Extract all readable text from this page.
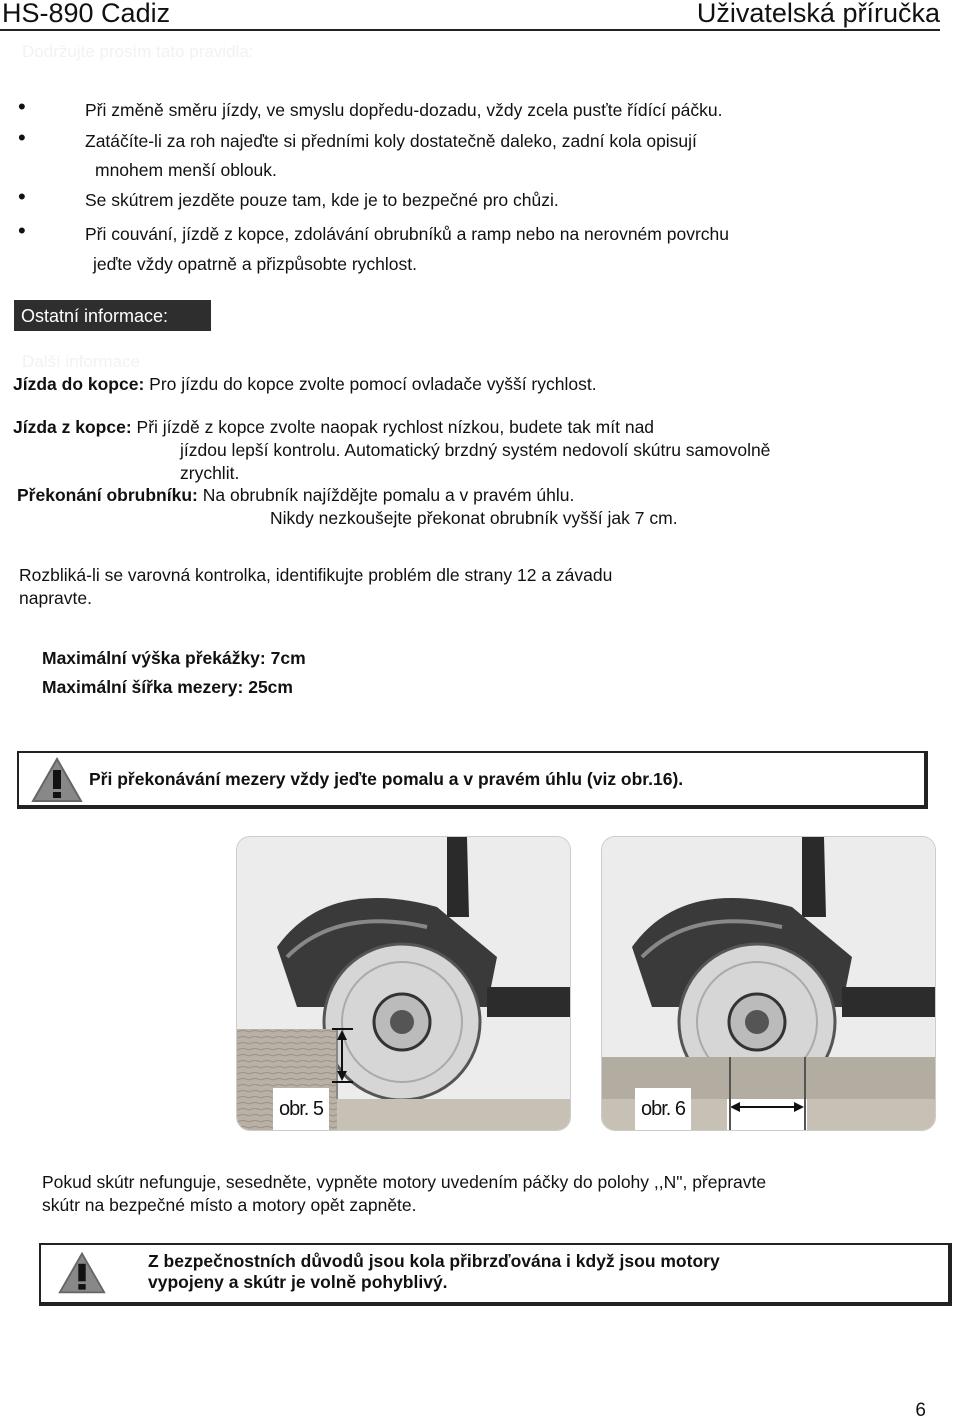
HS-890 Cadiz	Uživatelská příručka
Dodržujte prosím tato pravidla:
•	Při změně směru jízdy, ve smyslu dopředu-dozadu, vždy zcela pusťte řídící páčku.
•	Zatáčíte-li za roh najeďte si předními koly dostatečně daleko, zadní kola opisují
mnohem menší oblouk.
•	Se skútrem jezděte pouze tam, kde je to bezpečné pro chůzi.
•	Při couvání, jízdě z kopce, zdolávání obrubníků a ramp nebo na nerovném povrchu
jeďte vždy opatrně a přizpůsobte rychlost.
Ostatní informace:
Další informace
Jízda do kopce: Pro jízdu do kopce zvolte pomocí ovladače vyšší rychlost.
Jízda z kopce: Při jízdě z kopce zvolte naopak rychlost nízkou, budete tak mít nad
jízdou lepší kontrolu. Automatický brzdný systém nedovolí skútru samovolně
zrychlit.
Překonání obrubníku: Na obrubník najíždějte pomalu a v pravém úhlu.
Nikdy nezkoušejte překonat obrubník vyšší jak 7 cm.
Rozbliká-li se varovná kontrolka, identifikujte problém dle strany 12 a závadu
napravte.
Maximální výška překážky: 7cm
Maximální šířka mezery: 25cm
Při překonávání mezery vždy jeďte pomalu a v pravém úhlu (viz obr.16).
obr. 5	obr. 6
Pokud skútr nefunguje, sesedněte, vypněte motory uvedením páčky do polohy ,,N", přepravte
skútr na bezpečné místo a motory opět zapněte.
Z bezpečnostních důvodů jsou kola přibrzďována i když jsou motory
vypojeny a skútr je volně pohyblivý.
6
